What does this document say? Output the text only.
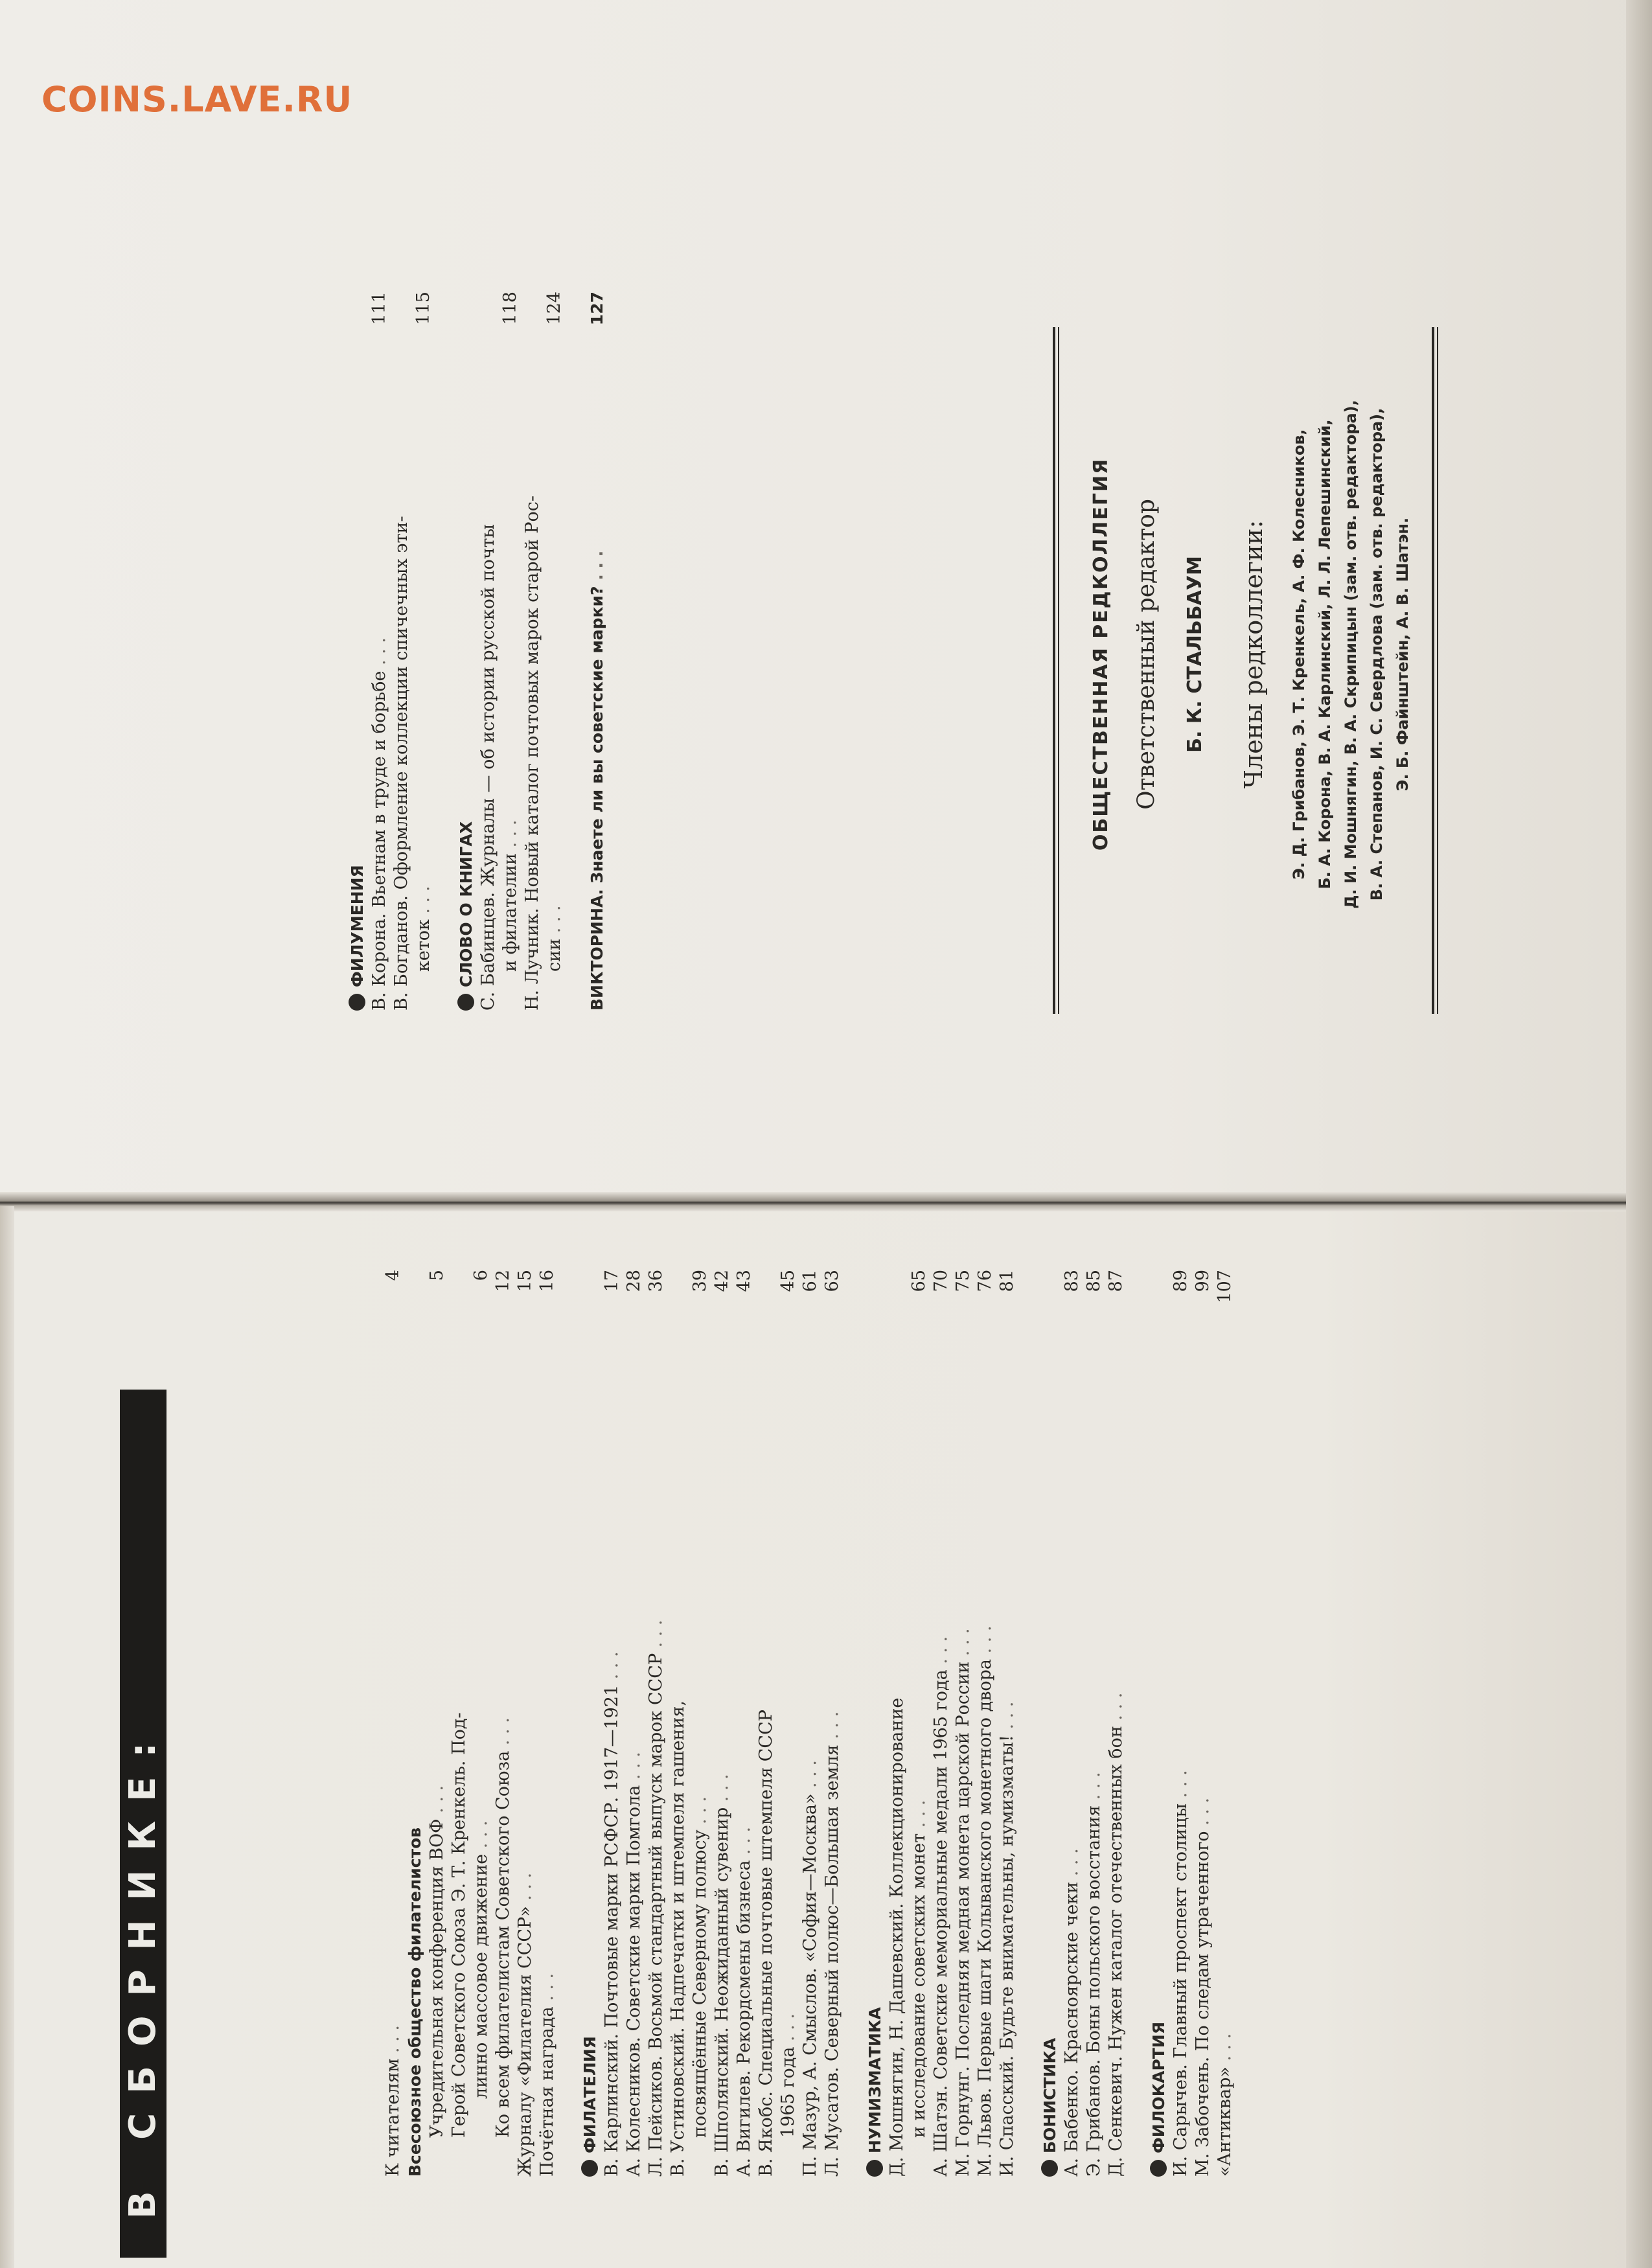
COINS.LAVE.RU
В СБОРНИКЕ:	К читателям . . .
4
Всесоюзное общество филателистов Учредительная конференция ВОФ . . .
5
Герой Советского Союза Э. Т. Кренкель. Под- линно массовое движение . . .
6
Ко всем филателистам Советского Союза . . .
12
Журналу «Филателия СССР» . . .
15
Почётная награда . . .
16
ФИЛАТЕЛИЯ В. Карлинский. Почтовые марки РСФСР. 1917—1921 . . .
17
А. Колесников. Советские марки Помгола . . .
28
Л. Пейсиков. Восьмой стандартный выпуск марок СССР . . .
36
В. Устиновский. Надпечатки и штемпеля гашения, посвящённые Северному полюсу . . .
39
В. Шполянский. Неожиданный сувенир . . .
42
А. Вигилев. Рекордсмены бизнеса . . .
43
В. Якобс. Специальные почтовые штемпеля СССР 1965 года . . .
45
П. Мазур, А. Смыслов. «София—Москва» . . .
61
Л. Мусатов. Северный полюс—Большая земля . . .
63
НУМИЗМАТИКА Д. Мошнягин, Н. Дашевский. Коллекционирование и исследование советских монет . . .
65
А. Шатэн. Советские мемориальные медали 1965 года . . .
70
М. Горнунг. Последняя медная монета царской России . . .
75
М. Львов. Первые шаги Колыванского монетного двора . . .
76
И. Спасский. Будьте внимательны, нумизматы! . . .
81
БОНИСТИКА А. Бабенко. Красноярские чеки . . .
83
Э. Грибанов. Боны польского восстания . . .
85
Д. Сенкевич. Нужен каталог отечественных бон . . .
87
ФИЛОКАРТИЯ И. Сарычев. Главный проспект столицы . . .
89
М. Забочень. По следам утраченного . . .
99
«Антиквар» . . .
107
ФИЛУМЕНИЯ В. Корона. Вьетнам в труде и борьбе . . .
111
В. Богданов. Оформление коллекции спичечных эти- кеток . . .
115
СЛОВО О КНИГАХ С. Бабинцев. Журналы — об истории русской почты и филателии . . .
118
Н. Лучник. Новый каталог почтовых марок старой Рос- сии . . .
124
ВИКТОРИНА. Знаете ли вы советские марки? . . .
127
ОБЩЕСТВЕННАЯ РЕДКОЛЛЕГИЯ Ответственный редактор	Б. К. СТАЛЬБАУМ	Члены редколлегии:	Э. Д. Грибанов, Э. Т. Кренкель, А. Ф. Колесников, Б. А. Корона, В. А. Карлинский, Л. Л. Лепешинский, Д. И. Мошнягин, В. А. Скрипицын (зам. отв. редактора), В. А. Степанов, И. С. Свердлова (зам. отв. редактора), Э. Б. Файнштейн, А. В. Шатэн.
